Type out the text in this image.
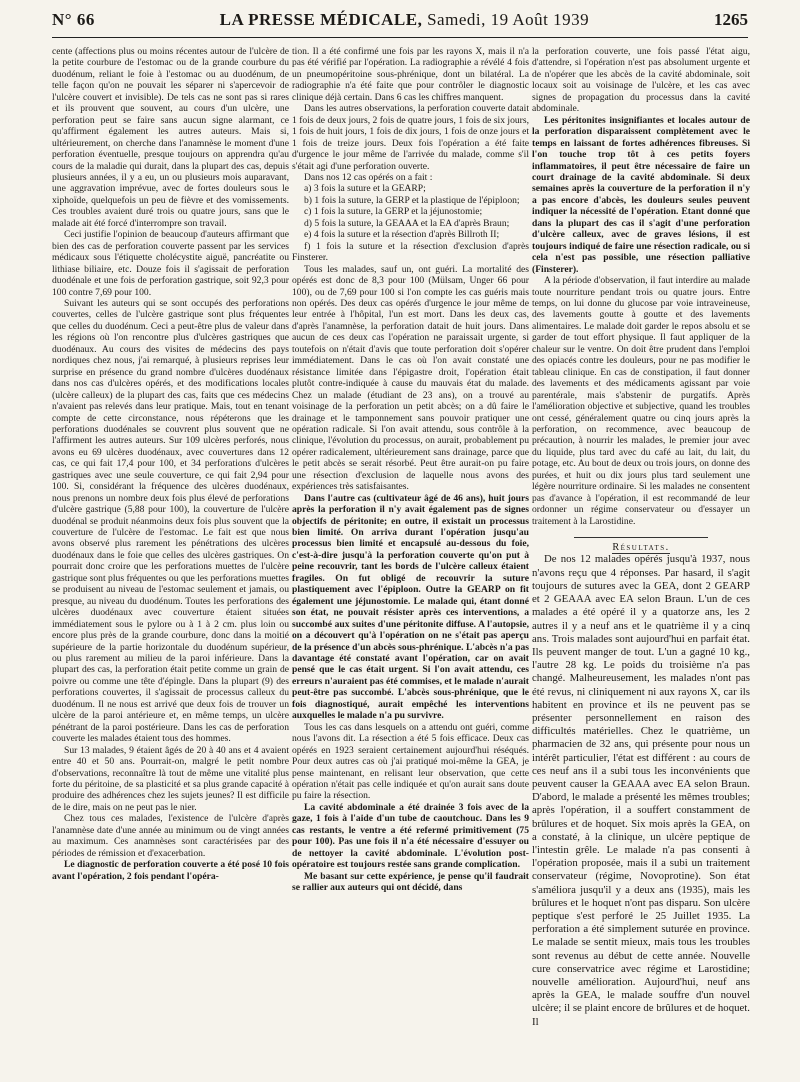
N° 66	LA PRESSE MÉDICALE, Samedi, 19 Août 1939	1265

cente (affections plus ou moins récentes autour de l'ulcère de la petite courbure de l'estomac ou de la grande courbure du duodénum, reliant le foie à l'estomac ou au duodénum, de telle façon qu'on ne pouvait les séparer ni s'apercevoir de l'ulcère couvert et invisible). De tels cas ne sont pas si rares et ils prouvent que souvent, au cours d'un ulcère, une perforation peut se faire sans aucun signe alarmant, ce qu'affirment également les autres auteurs. Mais si, ultérieurement, on cherche dans l'anamnèse le moment d'une perforation éventuelle, presque toujours on apprendra qu'au cours de la maladie qui durait, dans la plupart des cas, depuis plusieurs années, il y a eu, un ou plusieurs mois auparavant, une aggravation imprévue, avec de fortes douleurs sous le xiphoïde, quelquefois un peu de fièvre et des vomissements. Ces troubles avaient duré trois ou quatre jours, sans que le malade ait été forcé d'interrompre son travail.

Ceci justifie l'opinion de beaucoup d'auteurs affirmant que bien des cas de perforation couverte passent par les services médicaux sous l'étiquette cholécystite aiguë, pancréatite ou lithiase biliaire, etc. Douze fois il s'agissait de perforation duodénale et une fois de perforation gastrique, soit 92,3 pour 100 contre 7,69 pour 100.

Suivant les auteurs qui se sont occupés des perforations couvertes, celles de l'ulcère gastrique sont plus fréquentes que celles du duodénum. Ceci a peut-être plus de valeur dans les régions où l'on rencontre plus d'ulcères gastriques que duodénaux. Au cours des visites de médecins des pays nordiques chez nous, j'ai remarqué, à plusieurs reprises leur surprise en présence du grand nombre d'ulcères duodénaux dans nos cas d'ulcères opérés, et des modifications locales (ulcère calleux) de la plupart des cas, faits que ces médecins n'avaient pas relevés dans leur pratique. Mais, tout en tenant compte de cette circonstance, nous répéterons que les perforations duodénales se couvrent plus souvent que ne l'affirment les autres auteurs. Sur 109 ulcères perforés, nous avons eu 69 ulcères duodénaux, avec couvertures dans 12 cas, ce qui fait 17,4 pour 100, et 34 perforations d'ulcères gastriques avec une seule couverture, ce qui fait 2,94 pour 100. Si, considérant la fréquence des ulcères duodénaux, nous prenons un nombre deux fois plus élevé de perforations d'ulcère gastrique (5,88 pour 100), la couverture de l'ulcère duodénal se produit néanmoins deux fois plus souvent que la couverture de l'ulcère de l'estomac. Le fait est que nous avons observé plus rarement les pénétrations des ulcères duodénaux dans le foie que celles des ulcères gastriques. On pourrait donc croire que les perforations muettes de l'ulcère gastrique sont plus fréquentes ou que les perforations muettes se produisent au niveau de l'estomac seulement et jamais, ou presque, au niveau du duodénum. Toutes les perforations des ulcères duodénaux avec couverture étaient situées immédiatement sous le pylore ou à 1 à 2 cm. plus loin ou encore plus près de la grande courbure, donc dans la moitié supérieure de la partie horizontale du duodénum supérieur, ou plus rarement au milieu de la paroi inférieure. Dans la plupart des cas, la perforation était petite comme un grain de poivre ou comme une tête d'épingle. Dans la plupart (9) des perforations couvertes, il s'agissait de processus calleux du duodénum. Il ne nous est arrivé que deux fois de trouver un ulcère de la paroi antérieure et, en même temps, un ulcère pénétrant de la paroi postérieure. Dans les cas de perforation couverte les malades étaient tous des hommes.

Sur 13 malades, 9 étaient âgés de 20 à 40 ans et 4 avaient entre 40 et 50 ans. Pourrait-on, malgré le petit nombre d'observations, reconnaître là tout de même une vitalité plus forte du péritoine, de sa plasticité et sa plus grande capacité à produire des adhérences chez les sujets jeunes? Il est difficile de le dire, mais on ne peut pas le nier.

Chez tous ces malades, l'existence de l'ulcère d'après l'anamnèse date d'une année au minimum ou de vingt années au maximum. Ces anamnèses sont caractérisées par des périodes de rémission et d'exacerbation.

Le diagnostic de perforation couverte a été posé 10 fois avant l'opération, 2 fois pendant l'opéra-

tion. Il a été confirmé une fois par les rayons X, mais il n'a pas été vérifié par l'opération. La radiographie a révélé 4 fois un pneumopéritoine sous-phrénique, dont un bilatéral. La radiographie n'a été faite que pour contrôler le diagnostic clinique déjà certain. Dans 6 cas les chiffres manquent.

Dans les autres observations, la perforation couverte datait 1 fois de deux jours, 2 fois de quatre jours, 1 fois de six jours, 1 fois de huit jours, 1 fois de dix jours, 1 fois de onze jours et 1 fois de treize jours. Deux fois l'opération a été faite d'urgence le jour même de l'arrivée du malade, comme s'il s'était agi d'une perforation ouverte.

Dans nos 12 cas opérés on a fait :

a) 3 fois la suture et la GEARP;

b) 1 fois la suture, la GERP et la plastique de l'épiploon;

c) 1 fois la suture, la GERP et la jéjunostomie;

d) 5 fois la suture, la GEAAA et la EA d'après Braun;

e) 4 fois la suture et la résection d'après Billroth II;

f) 1 fois la suture et la résection d'exclusion d'après Finsterer.

Tous les malades, sauf un, ont guéri. La mortalité des opérés est donc de 8,3 pour 100 (Mülsam, Unger 66 pour 100), ou de 7,69 pour 100 si l'on compte les cas guéris mais non opérés. Des deux cas opérés d'urgence le jour même de leur entrée à l'hôpital, l'un est mort. Dans les deux cas, d'après l'anamnèse, la perforation datait de huit jours. Dans aucun de ces deux cas l'opération ne paraissait urgente, si toutefois on n'était d'avis que toute perforation doit s'opérer immédiatement. Dans le cas où l'on avait constaté une résistance limitée dans l'épigastre droit, l'opération était plutôt contre-indiquée à cause du mauvais état du malade. Chez un malade (étudiant de 23 ans), on a trouvé au voisinage de la perforation un petit abcès; on a dû faire le drainage et le tamponnement sans pouvoir pratiquer une opération radicale. Si l'on avait attendu, sous contrôle à la clinique, l'évolution du processus, on aurait, probablement pu opérer radicalement, ultérieurement sans drainage, parce que le petit abcès se serait résorbé. Peut être aurait-on pu faire une résection d'exclusion de laquelle nous avons des expériences très satisfaisantes.

Dans l'autre cas (cultivateur âgé de 46 ans), huit jours après la perforation il n'y avait également pas de signes objectifs de péritonite; en outre, il existait un processus bien limité. On arriva durant l'opération jusqu'au processus bien limité et encapsulé au-dessous du foie, c'est-à-dire jusqu'à la perforation couverte qu'on put à peine recouvrir, tant les bords de l'ulcère calleux étaient fragiles. On fut obligé de recouvrir la suture plastiquement avec l'épiploon. Outre la GEARP on fit également une jéjunostomie. Le malade qui, étant donné son état, ne pouvait résister après ces interventions, a succombé aux suites d'une péritonite diffuse. A l'autopsie, on a découvert qu'à l'opération on ne s'était pas aperçu de la présence d'un abcès sous-phrénique. L'abcès n'a pas davantage été constaté avant l'opération, car on avait pensé que le cas était urgent. Si l'on avait attendu, ces erreurs n'auraient pas été commises, et le malade n'aurait peut-être pas succombé. L'abcès sous-phrénique, que le fois diagnostiqué, aurait empêché les interventions auxquelles le malade n'a pu survivre.

Tous les cas dans lesquels on a attendu ont guéri, comme nous l'avons dit. La résection a été 5 fois efficace. Deux cas opérés en 1923 seraient certainement aujourd'hui réséqués. Pour deux autres cas où j'ai pratiqué moi-même la GEA, je pense maintenant, en relisant leur observation, que cette opération n'était pas celle indiquée et qu'on aurait sans doute pu faire la résection.

La cavité abdominale a été drainée 3 fois avec de la gaze, 1 fois à l'aide d'un tube de caoutchouc. Dans les 9 cas restants, le ventre a été refermé primitivement (75 pour 100). Pas une fois il n'a été nécessaire d'essuyer ou de nettoyer la cavité abdominale. L'évolution post-opératoire est toujours restée sans grande complication.

Me basant sur cette expérience, je pense qu'il faudrait se rallier aux auteurs qui ont décidé, dans

la perforation couverte, une fois passé l'état aigu, d'attendre, si l'opération n'est pas absolument urgente et de n'opérer que les abcès de la cavité abdominale, soit locaux soit au voisinage de l'ulcère, et les cas avec signes de propagation du processus dans la cavité abdominale.

Les péritonites insignifiantes et locales autour de la perforation disparaissent complètement avec le temps en laissant de fortes adhérences fibreuses. Si l'on touche trop tôt à ces petits foyers inflammatoires, il peut être nécessaire de faire un court drainage de la cavité abdominale. Si deux semaines après la couverture de la perforation il n'y a pas encore d'abcès, les douleurs seules peuvent indiquer la nécessité de l'opération. Etant donné que dans la plupart des cas il s'agit d'une perforation d'ulcère calleux, avec de graves lésions, il est toujours indiqué de faire une résection radicale, ou si cela n'est pas possible, une résection palliative (Finsterer).

A la période d'observation, il faut interdire au malade toute nourriture pendant trois ou quatre jours. Entre temps, on lui donne du glucose par voie intraveineuse, des lavements goutte à goutte et des lavements alimentaires. Le malade doit garder le repos absolu et se garder de tout effort physique. Il faut appliquer de la chaleur sur le ventre. On doit être prudent dans l'emploi des opiacés contre les douleurs, pour ne pas modifier le tableau clinique. En cas de constipation, il faut donner des lavements et des médicaments agissant par voie parentérale, mais s'abstenir de purgatifs. Après l'amélioration objective et subjective, quand les troubles ont cessé, généralement quatre ou cinq jours après la perforation, on recommence, avec beaucoup de précaution, à nourrir les malades, le premier jour avec du liquide, plus tard avec du café au lait, du lait, du potage, etc. Au bout de deux ou trois jours, on donne des purées, et huit ou dix jours plus tard seulement une légère nourriture ordinaire. Si les malades ne consentent pas d'avance à l'opération, il est recommandé de leur ordonner un régime conservateur ou d'essayer un traitement à la Larostidine.

Résultats.

De nos 12 malades opérés jusqu'à 1937, nous n'avons reçu que 4 réponses. Par hasard, il s'agit toujours de sutures avec la GEA, dont 2 GEARP et 2 GEAAA avec EA selon Braun. L'un de ces malades a été opéré il y a quatorze ans, les 2 autres il y a neuf ans et le quatrième il y a cinq ans. Trois malades sont aujourd'hui en parfait état. Ils peuvent manger de tout. L'un a gagné 10 kg., l'autre 28 kg. Le poids du troisième n'a pas changé. Malheureusement, les malades n'ont pas été revus, ni cliniquement ni aux rayons X, car ils habitent en province et ils ne peuvent pas se présenter personnellement en raison des difficultés matérielles. Chez le quatrième, un pharmacien de 32 ans, qui présente pour nous un intérêt particulier, l'état est différent : au cours de ces neuf ans il a subi tous les inconvénients que peuvent causer la GEAAA avec EA selon Braun. D'abord, le malade a présenté les mêmes troubles; après l'opération, il a souffert constamment de brûlures et de hoquet. Six mois après la GEA, on a constaté, à la clinique, un ulcère peptique de l'intestin grêle. Le malade n'a pas consenti à l'opération proposée, mais il a subi un traitement conservateur (régime, Novoprotine). Son état s'améliora jusqu'il y a deux ans (1935), mais les brûlures et le hoquet n'ont pas disparu. Son ulcère peptique s'est perforé le 25 Juillet 1935. La perforation a été simplement suturée en province. Le malade se sentit mieux, mais tous les troubles sont revenus au début de cette année. Nouvelle cure conservatrice avec régime et Larostidine; nouvelle amélioration. Aujourd'hui, neuf ans après la GEA, le malade souffre d'un nouvel ulcère; il se plaint encore de brûlures et de hoquet. Il
